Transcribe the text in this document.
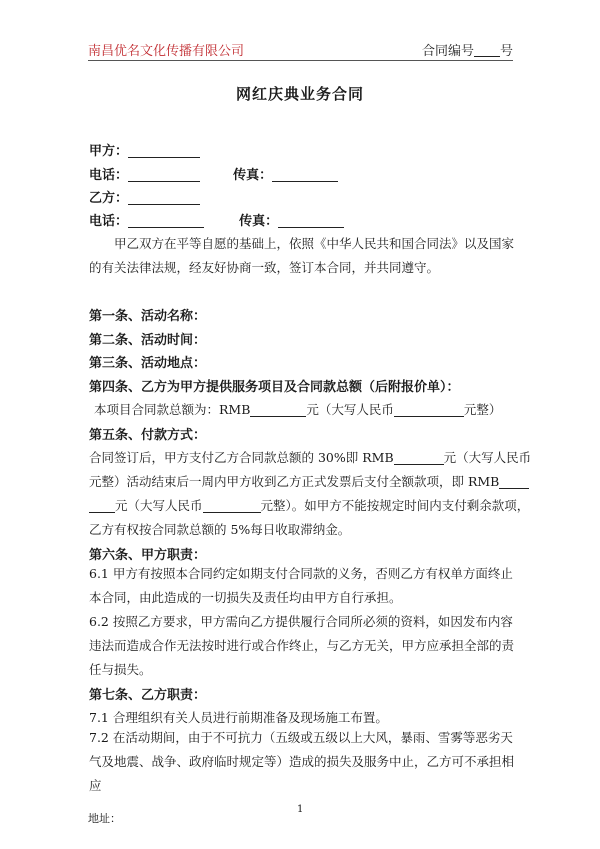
南昌优名文化传播有限公司	合同编号 号
网红庆典业务合同
甲方：
电话：	传真：
乙方：
电话：	传真：
甲乙双方在平等自愿的基础上，依照《中华人民共和国合同法》以及国家的有关法律法规，经友好协商一致，签订本合同，并共同遵守。
第一条、活动名称：
第二条、活动时间：
第三条、活动地点：
第四条、乙方为甲方提供服务项目及合同款总额（后附报价单）：
本项目合同款总额为：RMB	元（大写人民币	元整）
第五条、付款方式：
合同签订后，甲方支付乙方合同款总额的 30%即 RMB	元（大写人民币
元整）活动结束后一周内甲方收到乙方正式发票后支付全额款项，即 RMB
元（大写人民币	元整）。如甲方不能按规定时间内支付剩余款项，
乙方有权按合同款总额的 5%每日收取滞纳金。
第六条、甲方职责：
6.1 甲方有按照本合同约定如期支付合同款的义务，否则乙方有权单方面终止本合同，由此造成的一切损失及责任均由甲方自行承担。
6.2 按照乙方要求，甲方需向乙方提供履行合同所必须的资料，如因发布内容违法而造成合作无法按时进行或合作终止，与乙方无关，甲方应承担全部的责任与损失。
第七条、乙方职责：
7.1 合理组织有关人员进行前期准备及现场施工布置。
7.2 在活动期间，由于不可抗力（五级或五级以上大风，暴雨、雪雾等恶劣天气及地震、战争、政府临时规定等）造成的损失及服务中止，乙方可不承担相应
1
地址：
